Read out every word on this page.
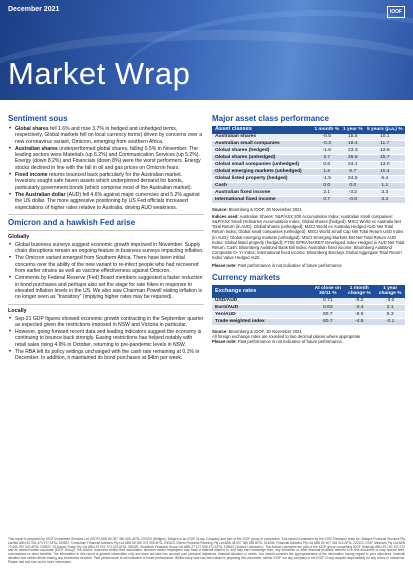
December 2021	IOOF
Market Wrap
Sentiment sous
• Global shares fell 1.6% and rose 3.7% in hedged and unhedged terms, respectively. Global markets fell on local currency terms) driven by concerns over a new coronavirus variant, Omicron, emerging from southern Africa.
• Australian shares underperformed global shares, falling 0.5% in November. The leading sectors were Materials (up 6.2%) and Communication Services (up 5.2%). Energy (down 8.2%) and Financials (down 8%) were the worst performers. Energy stocks declined in line with the fall in oil and gas prices on Omicron fears.
• Fixed income returns bounced back particularly for the Australian market. Investors sought safe haven assets which underpinned demand for bonds, particularly government bonds (which comprise most of the Australian market).
• The Australian dollar (AUD) fell 4.6% against major currencies and 5.2% against the US dollar. The more aggressive positioning by US Fed officials increased expectations of higher rates relative to Australia, driving AUD weakness.
Omicron and a hawkish Fed arise
Globally
• Global business surveys suggest economic growth improved in November. Supply chain disruptions remain an ongoing feature in business surveys impacting inflation.
• The Omicron variant emerged from Southern Africa. There have been initial concerns over the ability of the new variant to re-infect people who had recovered from earlier strains as well as vaccine effectiveness against Omicron.
• Comments by Federal Reserve (Fed) Board members suggested a faster reduction in bond purchases and perhaps also set the stage for rate hikes in response to elevated inflation levels in the US. We also saw Chairman Powell stating inflation is no longer seen as "transitory" (implying higher rates may be required).
Locally
• Sep-21 GDP figures showed economic growth contracting in the September quarter as expected given the restrictions imposed in NSW and Victoria in particular.
• However, going forward recent data and leading indicators suggest the economy is continuing to bounce back strongly. Easing restrictions has helped notably with retail sales rising 4.9% in October, returning to pre-pandemic levels in NSW.
• The RBA left its policy settings unchanged with the cash rate remaining at 0.1% in December. In addition, it maintained its bond purchases at $4bn per week.
Major asset class performance
Asset classes	1 month %	1 year %	5 years (p.a.) %
Australian shares	-0.5	15.5	10.1
Australian small companies	-0.3	18.4	11.7
Global shares (hedged)	-1.6	23.3	13.8
Global shares (unhedged)	3.7	26.8	15.7
Global small companies (unhedged)	0.6	24.1	13.0
Global emerging markets (unhedged)	1.6	6.7	10.4
Global listed property (hedged)	-1.5	24.5	6.4
Cash	0.0	0.0	1.1
Australian fixed income	2.1	-3.2	3.3
International fixed income	0.7	-0.8	3.3
Source: Bloomberg & IOOF, 30 November 2021
Indices used: Australian Shares: S&P/ASX 200 Accumulation Index; Australian small companies: S&P/ASX Small Ordinaries Accumulation Index; Global shares (hedged): MSCI World ex Australia Net Total Return (in AUD); Global shares (unhedged): MSCI World ex Australia Hedged AUD Net Total Return Index; Global small companies (unhedged): MSCI World Small Cap Net Total Return USD Index (in AUD); Global emerging markets (unhedged): MSCI Emerging Markets EM Net Total Return AUD Index; Global listed property (hedged): FTSE EPRA/NAREIT Developed Index Hedged in AUD Net Total Return; Cash: Bloomberg AusBond Bank Bill Index; Australian fixed income: Bloomberg AusBond Composite 0+ Yr Index; International fixed income: Bloomberg Barclays Global Aggregate Total Return Index Value Hedged AUD.
Please note: Past performance is not indicative of future performance
Currency markets
Exchange rates	At close on 30/11 %	1 month change %	1 year change %
USD/AUD	0.71	-5.2	-3.0
Euro/AUD	0.63	-3.4	2.1
Yen/AUD	80.7	-8.9	5.3
Trade weighted index	60.7	-4.6	-2.1
Source: Bloomberg & IOOF, 30 November 2021
All foreign exchange rates are rounded to two decimal places where appropriate
Please note: Past performance is not indicative of future performance.
This report is prepared by IOOF Investment Services Ltd (IOOF) ABN 80 007 350 405, AFSL 230703 (Bridges). Bridges is an IOOF Group Company and part of the IOOF group of companies. This report is prepared by the IOOF Research team for: Bridges Financial Services Pty Limited ABN 60 003 474 977 AFSL 240837, Consultum Financial Advisers Pty Ltd ABN 65 006 373 995 AFSL 230323, Elders Financial Planning Pty Ltd ABN 48 007 365 084 AFSL 224645, Financial Advisers Pty Ltd ABN 60 007 304 014 AFSL 222110, IOOF Alliances Pty Ltd ABN 70 006 097 542 AFSL 230522, RI Advice Group Pty Ltd ABN 23 001 774 125 AFSL 238429, Shadforth Financial Group Ltd ABN 27 127 508 472 AFSL 318613 ('Advice Licensees'). The Advice Licensees are part of the IOOF group comprising IOOF Holdings ABN 49 100 103 722 and its related bodies corporate (IOOF Group). The Advice Licensees and/or their associates, directors and/or employees may have a material interest in, and may earn brokerage from, any securities or other financial products referred to in this document or may receive fees, commissions or other benefits. The information in this report is general information only and does not take into account your personal objectives, financial situation or needs. You should consider the appropriateness of the information having regard to your objectives, financial situation and needs before making any investment decision. Past performance is not indicative of future performance. Whilst every care has been taken in preparing this document, neither IOOF nor any company in the IOOF Group accepts responsibility for any errors or omissions. Please visit ioof.com.au for more information.
